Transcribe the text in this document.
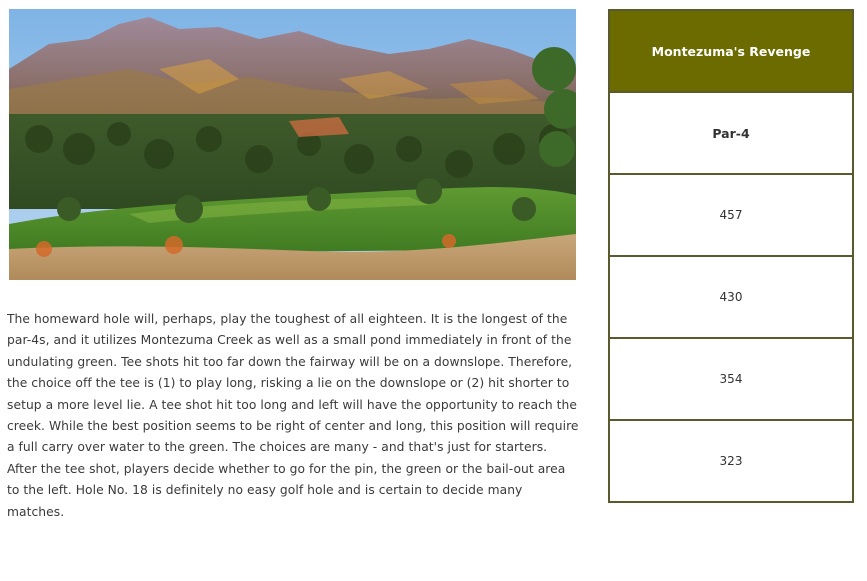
The homeward hole will, perhaps, play the toughest of all eighteen. It is the longest of the par-4s, and it utilizes Montezuma Creek as well as a small pond immediately in front of the undulating green. Tee shots hit too far down the fairway will be on a downslope. Therefore, the choice off the tee is (1) to play long, risking a lie on the downslope or (2) hit shorter to setup a more level lie. A tee shot hit too long and left will have the opportunity to reach the creek. While the best position seems to be right of center and long, this position will require a full carry over water to the green. The choices are many - and that's just for starters. After the tee shot, players decide whether to go for the pin, the green or the bail-out area to the left. Hole No. 18 is definitely no easy golf hole and is certain to decide many matches.

Montezuma's Revenge
Par-4
457
430
354
323
